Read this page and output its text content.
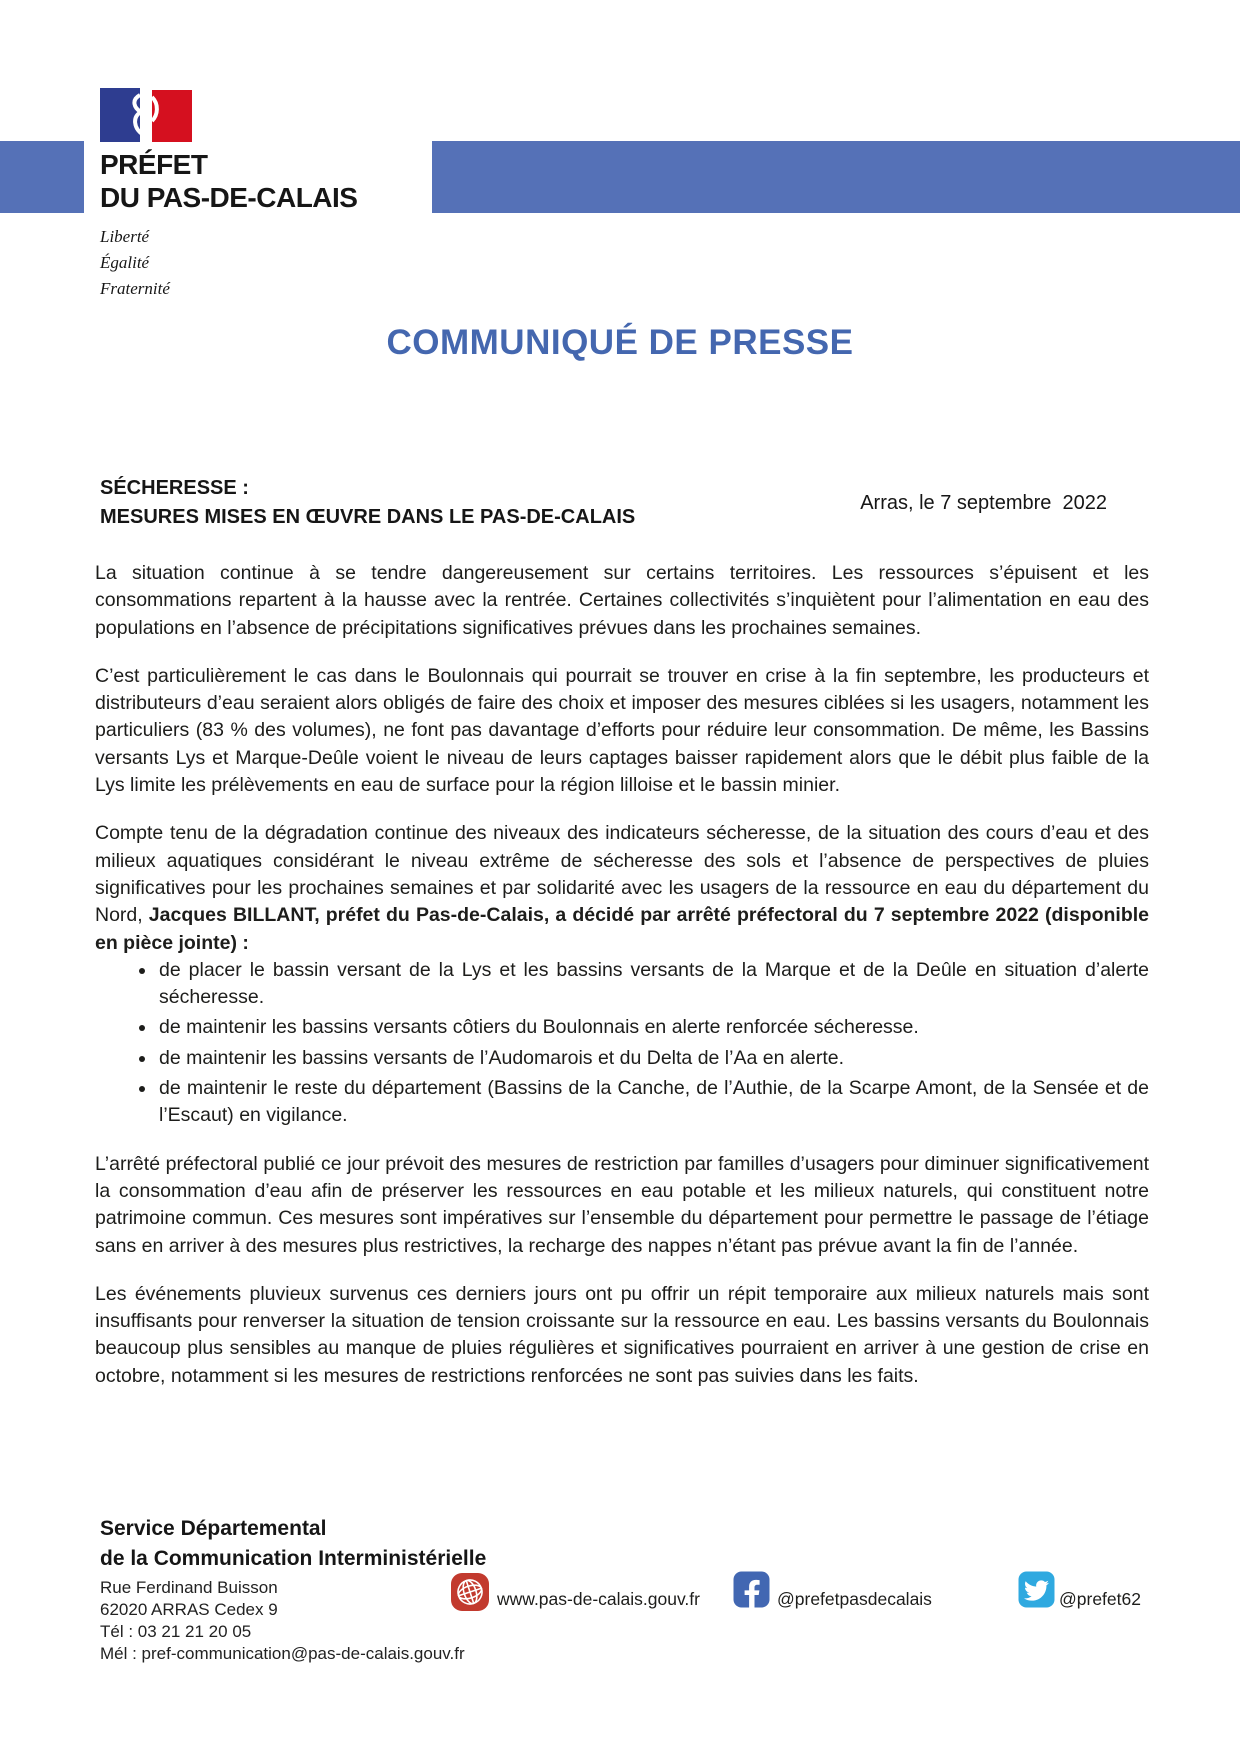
PRÉFET
DU PAS-DE-CALAIS
Liberté
Égalité
Fraternité
COMMUNIQUÉ DE PRESSE
SÉCHERESSE :
MESURES MISES EN ŒUVRE DANS LE PAS-DE-CALAIS
Arras, le 7 septembre  2022

La situation continue à se tendre dangereusement sur certains territoires. Les ressources s’épuisent et les consommations repartent à la hausse avec la rentrée. Certaines collectivités s’inquiètent pour l’alimentation en eau des populations en l’absence de précipitations significatives prévues dans les prochaines semaines.

C’est particulièrement le cas dans le Boulonnais qui pourrait se trouver en crise à la fin septembre, les producteurs et distributeurs d’eau seraient alors obligés de faire des choix et imposer des mesures ciblées si les usagers, notamment les particuliers (83 % des volumes), ne font pas davantage d’efforts pour réduire leur consommation. De même, les Bassins versants Lys et Marque-Deûle voient le niveau de leurs captages baisser rapidement alors que le débit plus faible de la Lys limite les prélèvements en eau de surface pour la région lilloise et le bassin minier.

Compte tenu de la dégradation continue des niveaux des indicateurs sécheresse, de la situation des cours d’eau et des milieux aquatiques considérant le niveau extrême de sécheresse des sols et l’absence de perspectives de pluies significatives pour les prochaines semaines et par solidarité avec les usagers de la ressource en eau du département du Nord, Jacques BILLANT, préfet du Pas-de-Calais, a décidé par arrêté préfectoral du 7 septembre 2022 (disponible en pièce jointe) :

• de placer le bassin versant de la Lys et les bassins versants de la Marque et de la Deûle en situation d’alerte sécheresse.
• de maintenir les bassins versants côtiers du Boulonnais en alerte renforcée sécheresse.
• de maintenir les bassins versants de l’Audomarois et du Delta de l’Aa en alerte.
• de maintenir le reste du département (Bassins de la Canche, de l’Authie, de la Scarpe Amont, de la Sensée et de l’Escaut) en vigilance.

L’arrêté préfectoral publié ce jour prévoit des mesures de restriction par familles d’usagers pour diminuer significativement la consommation d’eau afin de préserver les ressources en eau potable et les milieux naturels, qui constituent notre patrimoine commun. Ces mesures sont impératives sur l’ensemble du département pour permettre le passage de l’étiage sans en arriver à des mesures plus restrictives, la recharge des nappes n’étant pas prévue avant la fin de l’année.

Les événements pluvieux survenus ces derniers jours ont pu offrir un répit temporaire aux milieux naturels mais sont insuffisants pour renverser la situation de tension croissante sur la ressource en eau. Les bassins versants du Boulonnais beaucoup plus sensibles au manque de pluies régulières et significatives pourraient en arriver à une gestion de crise en octobre, notamment si les mesures de restrictions renforcées ne sont pas suivies dans les faits.

Service Départemental
de la Communication Interministérielle
Rue Ferdinand Buisson
62020 ARRAS Cedex 9
Tél : 03 21 21 20 05
Mél : pref-communication@pas-de-calais.gouv.fr
www.pas-de-calais.gouv.fr	@prefetpasdecalais	@prefet62
